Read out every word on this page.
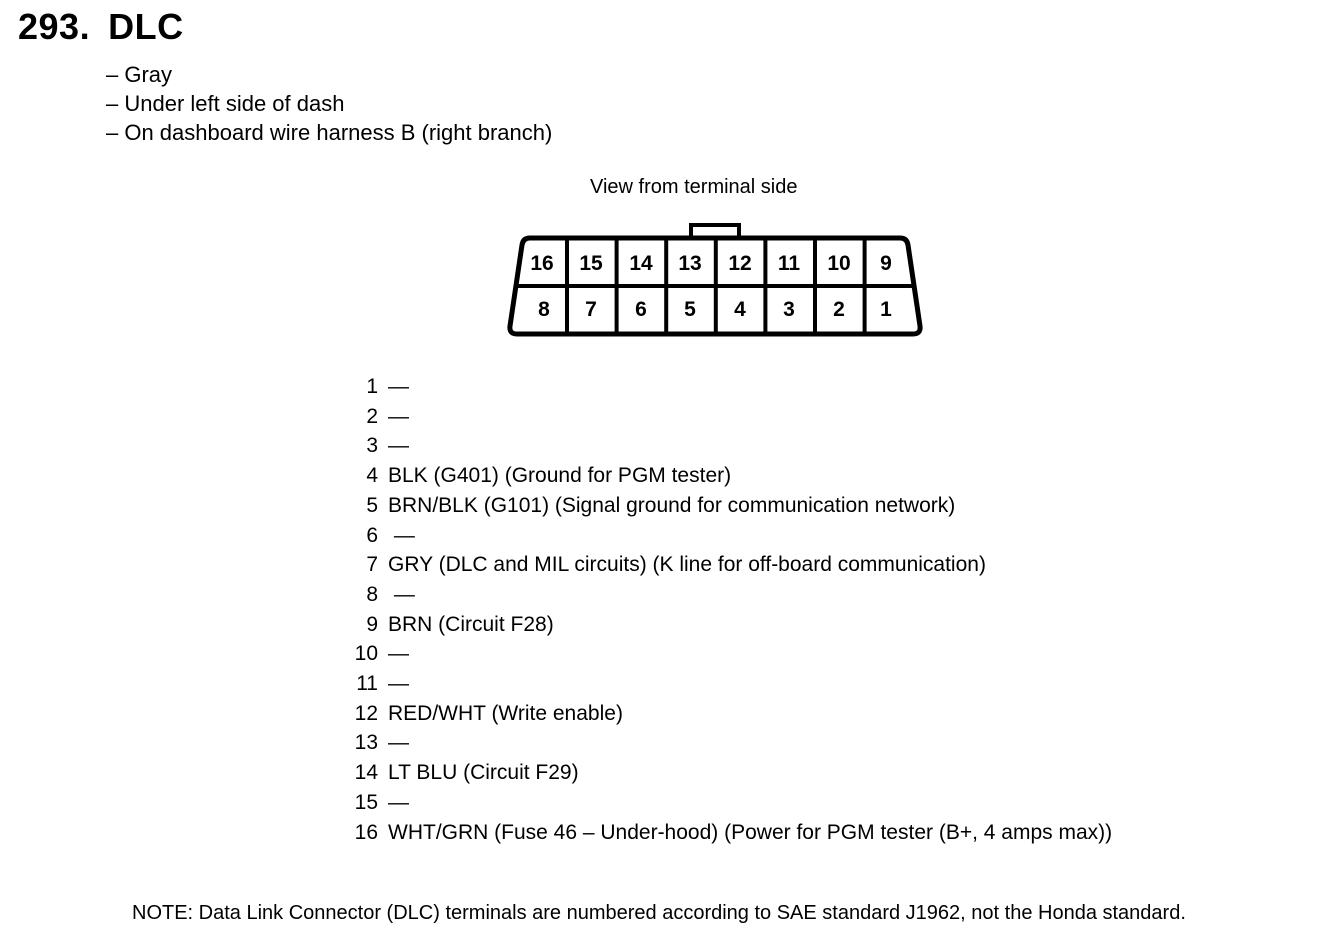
293. DLC
– Gray
– Under left side of dash
– On dashboard wire harness B (right branch)
View from terminal side
16 15 14 13 12 11 10 9
8 7 6 5 4 3 2 1
1 —
2 —
3 —
4 BLK (G401) (Ground for PGM tester)
5 BRN/BLK (G101) (Signal ground for communication network)
6 —
7 GRY (DLC and MIL circuits) (K line for off-board communication)
8 —
9 BRN (Circuit F28)
10 —
11 —
12 RED/WHT (Write enable)
13 —
14 LT BLU (Circuit F29)
15 —
16 WHT/GRN (Fuse 46 – Under-hood) (Power for PGM tester (B+, 4 amps max))
NOTE: Data Link Connector (DLC) terminals are numbered according to SAE standard J1962, not the Honda standard.
